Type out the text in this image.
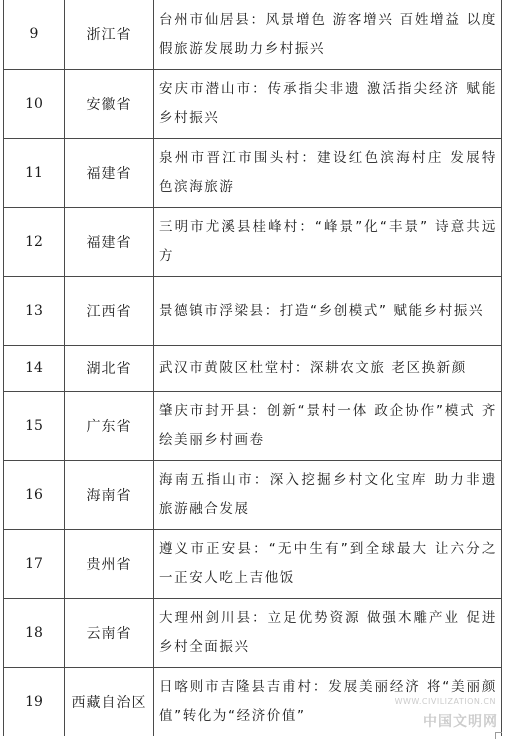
9	浙江省	台州市仙居县：风景增色 游客增兴 百姓增益 以度假旅游发展助力乡村振兴
10	安徽省	安庆市潜山市：传承指尖非遗 激活指尖经济 赋能乡村振兴
11	福建省	泉州市晋江市围头村：建设红色滨海村庄 发展特色滨海旅游
12	福建省	三明市尤溪县桂峰村：“峰景”化“丰景” 诗意共远方
13	江西省	景德镇市浮梁县：打造“乡创模式” 赋能乡村振兴
14	湖北省	武汉市黄陂区杜堂村：深耕农文旅 老区换新颜
15	广东省	肇庆市封开县：创新“景村一体 政企协作”模式 齐绘美丽乡村画卷
16	海南省	海南五指山市：深入挖掘乡村文化宝库 助力非遗旅游融合发展
17	贵州省	遵义市正安县：“无中生有”到全球最大 让六分之一正安人吃上吉他饭
18	云南省	大理州剑川县：立足优势资源 做强木雕产业 促进乡村全面振兴
19	西藏自治区	日喀则市吉隆县吉甫村：发展美丽经济 将“美丽颜值”转化为“经济价值”
WWW.CIVILIZATION.CN
中国文明网
